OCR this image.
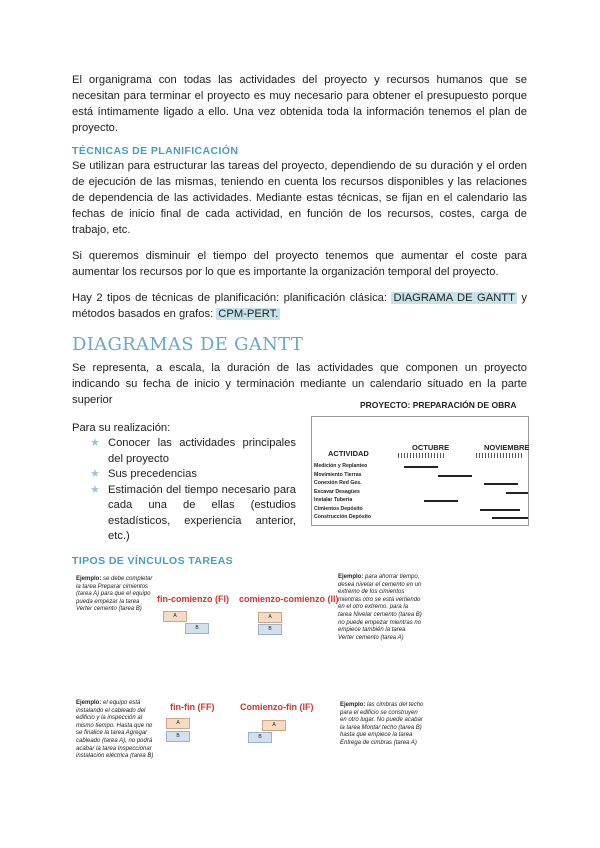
El organigrama con todas las actividades del proyecto y recursos humanos que se necesitan para terminar el proyecto es muy necesario para obtener el presupuesto porque está íntimamente ligado a ello. Una vez obtenida toda la información tenemos el plan de proyecto.
TÉCNICAS DE PLANIFICACIÓN
Se utilizan para estructurar las tareas del proyecto, dependiendo de su duración y el orden de ejecución de las mismas, teniendo en cuenta los recursos disponibles y las relaciones de dependencia de las actividades. Mediante estas técnicas, se fijan en el calendario las fechas de inicio final de cada actividad, en función de los recursos, costes, carga de trabajo, etc.
Si queremos disminuir el tiempo del proyecto tenemos que aumentar el coste para aumentar los recursos por lo que es importante la organización temporal del proyecto.
Hay 2 tipos de técnicas de planificación: planificación clásica: DIAGRAMA DE GANTT y métodos basados en grafos: CPM-PERT.
DIAGRAMAS DE GANTT
Se representa, a escala, la duración de las actividades que componen un proyecto indicando su fecha de inicio y terminación mediante un calendario situado en la parte superior
Para su realización:
★ Conocer las actividades principales del proyecto
★ Sus precedencias
★ Estimación del tiempo necesario para cada una de ellas (estudios estadísticos, experiencia anterior, etc.)
PROYECTO: PREPARACIÓN DE OBRA
ACTIVIDAD
OCTUBRE	NOVIEMBRE
Medición y Replanteo
Movimiento Tierras
Conexión Red Ges.
Excavar Desagües
Instalar Tubería
Cimientos Depósito
Construcción Depósito
TIPOS DE VÍNCULOS TAREAS
Ejemplo: se debe completar la tarea Preparar cimientos (tarea A) para que el equipo pueda empezar la tarea Verter cemento (tarea B)
fin-comienzo (FI)
A
B
comienzo-comienzo (II)
A
B
Ejemplo: para ahorrar tiempo, desea nivelar el cemento en un extremo de los cimientos mientras otro se está vertiendo en el otro extremo. para la tarea Nivelar cemento (tarea B) no puede empezar mientras no empiece también la tarea Verter cemento (tarea A)
Ejemplo: el equipo está instalando el cableado del edificio y la inspección al mismo tiempo. Hasta que no se finalice la tarea Agregar cableado (tarea A), no podrá acabar la tarea Inspeccionar instalación eléctrica (tarea B)
fin-fin (FF)
A
B
Comienzo-fin (IF)
A
B
Ejemplo: las cimbras del techo para el edificio se construyen en otro lugar. No puede acabar la tarea Montar techo (tarea B) hasta que empiece la tarea Entrega de cimbras (tarea A)
